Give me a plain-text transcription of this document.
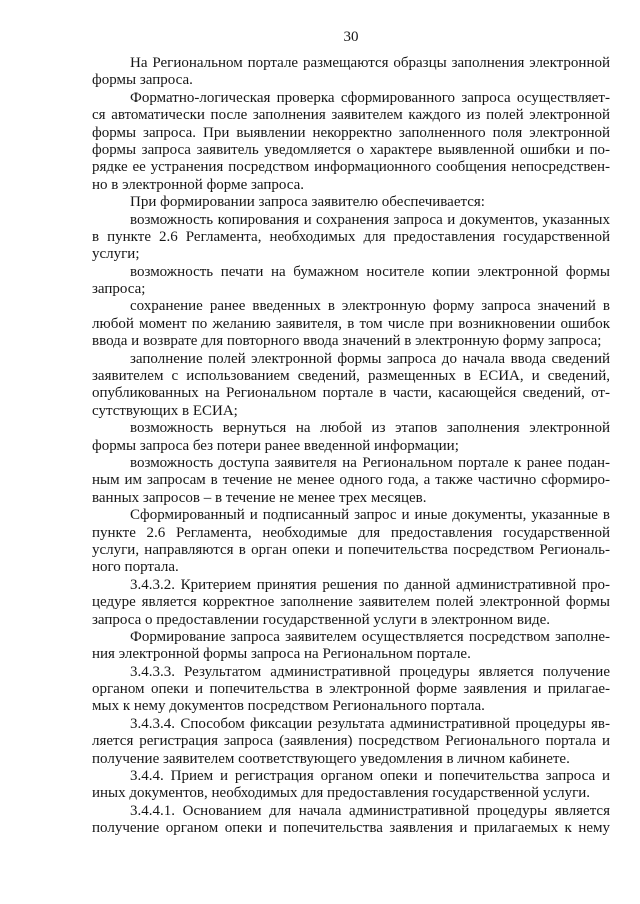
30
На Региональном портале размещаются образцы заполнения электронной
формы запроса.
Форматно-логическая проверка сформированного запроса осуществляет-
ся автоматически после заполнения заявителем каждого из полей электронной
формы запроса. При выявлении некорректно заполненного поля электронной
формы запроса заявитель уведомляется о характере выявленной ошибки и по-
рядке ее устранения посредством информационного сообщения непосредствен-
но в электронной форме запроса.
При формировании запроса заявителю обеспечивается:
возможность копирования и сохранения запроса и документов, указанных
в пункте 2.6 Регламента, необходимых для предоставления государственной
услуги;
возможность печати на бумажном носителе копии электронной формы
запроса;
сохранение ранее введенных в электронную форму запроса значений в
любой момент по желанию заявителя, в том числе при возникновении ошибок
ввода и возврате для повторного ввода значений в электронную форму запроса;
заполнение полей электронной формы запроса до начала ввода сведений
заявителем с использованием сведений, размещенных в ЕСИА, и сведений,
опубликованных на Региональном портале в части, касающейся сведений, от-
сутствующих в ЕСИА;
возможность вернуться на любой из этапов заполнения электронной
формы запроса без потери ранее введенной информации;
возможность доступа заявителя на Региональном портале к ранее подан-
ным им запросам в течение не менее одного года, а также частично сформиро-
ванных запросов – в течение не менее трех месяцев.
Сформированный и подписанный запрос и иные документы, указанные в
пункте 2.6 Регламента, необходимые для предоставления государственной
услуги, направляются в орган опеки и попечительства посредством Региональ-
ного портала.
3.4.3.2. Критерием принятия решения по данной административной про-
цедуре является корректное заполнение заявителем полей электронной формы
запроса о предоставлении государственной услуги в электронном виде.
Формирование запроса заявителем осуществляется посредством заполне-
ния электронной формы запроса на Региональном портале.
3.4.3.3. Результатом административной процедуры является получение
органом опеки и попечительства в электронной форме заявления и прилагае-
мых к нему документов посредством Регионального портала.
3.4.3.4. Способом фиксации результата административной процедуры яв-
ляется регистрация запроса (заявления) посредством Регионального портала и
получение заявителем соответствующего уведомления в личном кабинете.
3.4.4. Прием и регистрация органом опеки и попечительства запроса и
иных документов, необходимых для предоставления государственной услуги.
3.4.4.1. Основанием для начала административной процедуры является
получение органом опеки и попечительства заявления и прилагаемых к нему
